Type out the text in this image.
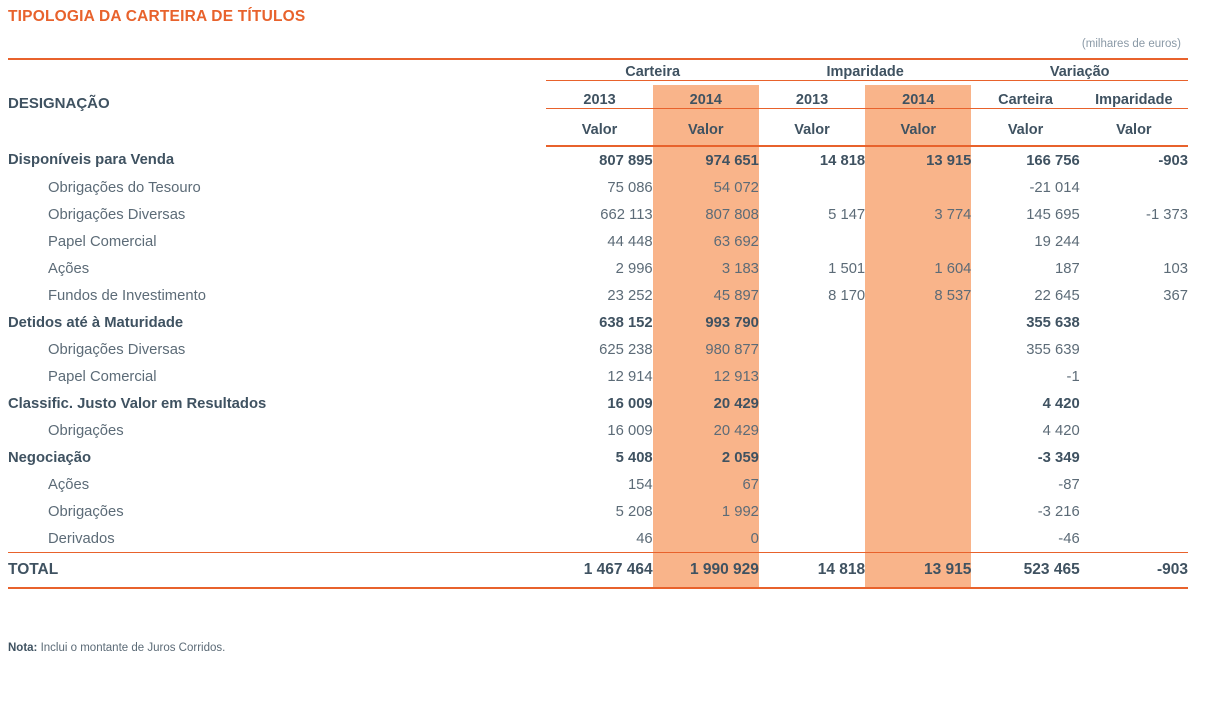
TIPOLOGIA DA CARTEIRA DE TÍTULOS
(milhares de euros)
DESIGNAÇÃO	Carteira		Imparidade		Variação	

	2013	2014	2013	2014	Carteira	Imparidade

	Valor	Valor	Valor	Valor	Valor	Valor
Disponíveis para Venda	807 895	974 651	14 818	13 915	166 756	-903
Obrigações do Tesouro	75 086	54 072			-21 014	
Obrigações Diversas	662 113	807 808	5 147	3 774	145 695	-1 373
Papel Comercial	44 448	63 692			19 244	
Ações	2 996	3 183	1 501	1 604	187	103
Fundos de Investimento	23 252	45 897	8 170	8 537	22 645	367
Detidos até à Maturidade	638 152	993 790			355 638	
Obrigações Diversas	625 238	980 877			355 639	
Papel Comercial	12 914	12 913			-1	
Classific. Justo Valor em Resultados	16 009	20 429			4 420	
Obrigações	16 009	20 429			4 420	
Negociação	5 408	2 059			-3 349	
Ações	154	67			-87	
Obrigações	5 208	1 992			-3 216	
Derivados	46	0			-46	
TOTAL	1 467 464	1 990 929	14 818	13 915	523 465	-903

Nota: Inclui o montante de Juros Corridos.
